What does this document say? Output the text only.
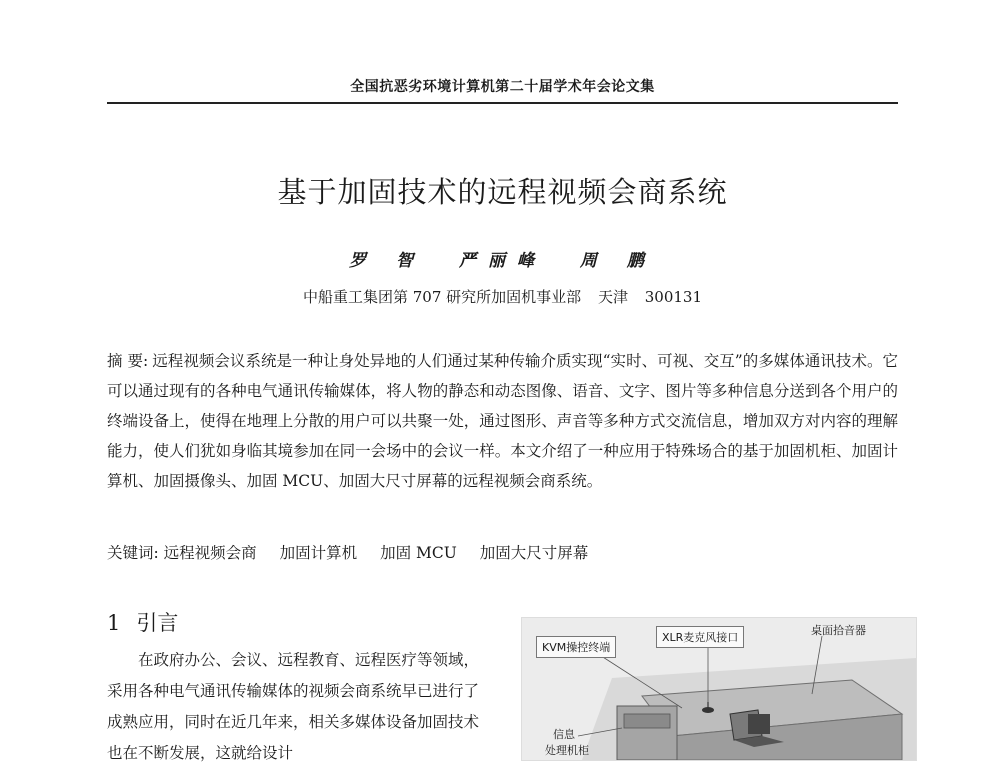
全国抗恶劣环境计算机第二十届学术年会论文集
基于加固技术的远程视频会商系统
罗 智 严丽峰 周 鹏
中船重工集团第 707 研究所加固机事业部 天津 300131
摘 要: 远程视频会议系统是一种让身处异地的人们通过某种传输介质实现“实时、可视、交互”的多媒体通讯技术。它可以通过现有的各种电气通讯传输媒体，将人物的静态和动态图像、语音、文字、图片等多种信息分送到各个用户的终端设备上，使得在地理上分散的用户可以共聚一处，通过图形、声音等多种方式交流信息，增加双方对内容的理解能力，使人们犹如身临其境参加在同一会场中的会议一样。本文介绍了一种应用于特殊场合的基于加固机柜、加固计算机、加固摄像头、加固 MCU、加固大尺寸屏幕的远程视频会商系统。
关键词: 远程视频会商 加固计算机 加固 MCU 加固大尺寸屏幕
1 引言
在政府办公、会议、远程教育、远程医疗等领域，采用各种电气通讯传输媒体的视频会商系统早已进行了成熟应用，同时在近几年来，相关多媒体设备加固技术也在不断发展，这就给设计
KVM操控终端
XLR麦克风接口
桌面拾音器
信息
处理机柜
